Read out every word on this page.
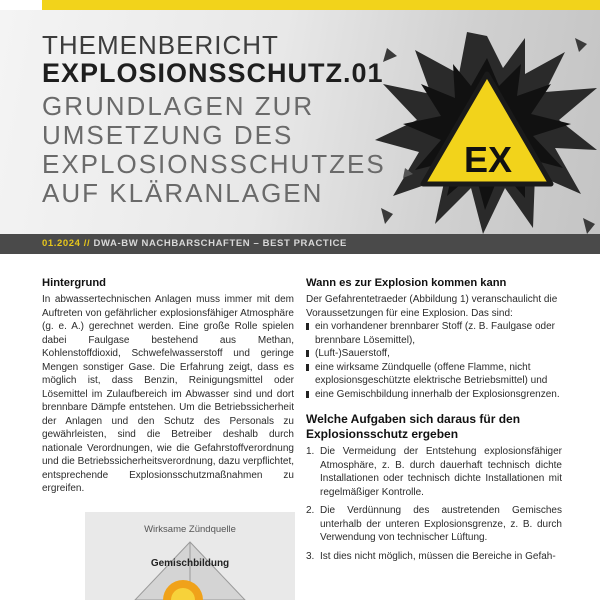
THEMENBERICHT
EXPLOSIONSSCHUTZ.01
GRUNDLAGEN ZUR
UMSETZUNG DES
EXPLOSIONSSCHUTZES
AUF KLÄRANLAGEN
EX
01.2024 // DWA-BW NACHBARSCHAFTEN – BEST PRACTICE
Hintergrund

In abwassertechnischen Anlagen muss immer mit dem Auftreten von gefährlicher explosionsfähiger Atmosphäre (g. e. A.) gerechnet werden. Eine große Rolle spielen dabei Faulgase bestehend aus Methan, Kohlenstoffdioxid, Schwefelwasserstoff und geringe Mengen sonstiger Gase. Die Erfahrung zeigt, dass es möglich ist, dass Benzin, Reinigungsmittel oder Lösemittel im Zulaufbereich im Abwasser sind und dort brennbare Dämpfe entstehen. Um die Betriebssicherheit der Anlagen und den Schutz des Personals zu gewährleisten, sind die Betreiber deshalb durch nationale Verordnungen, wie die Gefahrstoffverordnung und die Betriebssicherheitsverordnung, dazu verpflichtet, entsprechende Explosionsschutzmaßnahmen zu ergreifen.

Wirksame Zündquelle
Gemischbildung
Wann es zur Explosion kommen kann

Der Gefahrentetraeder (Abbildung 1) veranschaulicht die Voraussetzungen für eine Explosion. Das sind:

ein vorhandener brennbarer Stoff (z. B. Faulgase oder brennbare Lösemittel),
(Luft-)Sauerstoff,
eine wirksame Zündquelle (offene Flamme, nicht explosionsgeschützte elektrische Betriebsmittel) und
eine Gemischbildung innerhalb der Explosionsgrenzen.
Welche Aufgaben sich daraus für den Explosionsschutz ergeben
1. Die Vermeidung der Entstehung explosionsfähiger Atmosphäre, z. B. durch dauerhaft technisch dichte Installationen oder technisch dichte Installationen mit regelmäßiger Kontrolle.
2. Die Verdünnung des austretenden Gemisches unterhalb der unteren Explosionsgrenze, z. B. durch Verwendung von technischer Lüftung.
3. Ist dies nicht möglich, müssen die Bereiche in Gefah-
